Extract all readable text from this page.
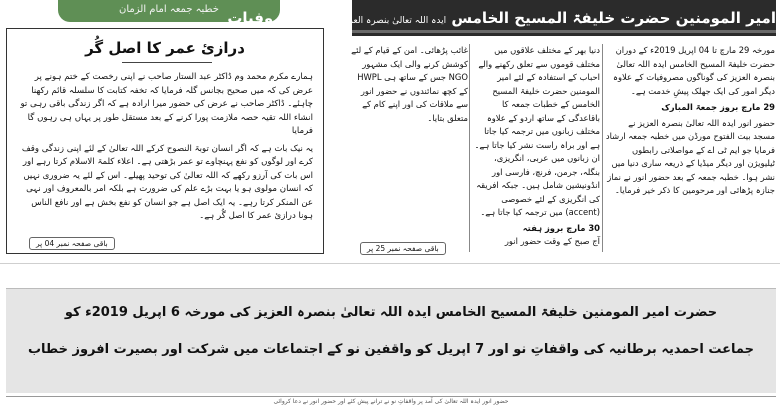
خطبہ جمعہ امام الزمان	امیر المومنین حضرت خلیفۃ المسیح الخامس ایدہ اللہ تعالیٰ بنصرہ العزیز کی مصروفیات
درازیٔ عمر کا اصل گُر

ہمارے مکرم محمد وم ڈاکٹر عبد الستار صاحب نے اپنی رخصت کے ختم ہونے پر عرض کی کہ میں صحیح بجانس گلہ فرمایا کہ تخفہ کتابت کا سلسلہ قائم رکھنا چاہئے۔ ڈاکٹر صاحب نے عرض کی حضور میرا ارادہ ہے کہ اگر زندگی باقی رہی تو انشاء اللہ تقیہ حصہ ملازمت پورا کرنے کے بعد مستقل طور پر یہاں ہی رہوں گا فرمایا

یہ نیک بات ہے کہ اگر انسان توبۃ النصوح کرکے اللہ تعالیٰ کے لئے اپنی زندگی وقف کرے اور لوگوں کو نفع پہنچاوے تو عمر بڑھتی ہے۔ اعلاء کلمۃ الاسلام کرتا رہے اور اس بات کی آرزو رکھے کہ اللہ تعالیٰ کی توحید پھیلے۔ اس کے لئے یہ ضروری نہیں کہ انسان مولوی ہو یا بہت بڑے علم کی ضرورت ہے بلکہ امر بالمعروف اور نہی عن المنکر کرتا رہے۔ یہ ایک اصل ہے جو انسان کو نفع بخش ہے اور نافع الناس ہونا درازیٔ عمر کا اصل گُر ہے۔

باقی صفحہ نمبر 04 پر

مورخہ 29 مارچ تا 04 اپریل 2019ء کے دوران حضرت خلیفۃ المسیح الخامس ایدہ اللہ تعالیٰ بنصرہ العزیز کی گوناگوں مصروفیات کے علاوہ دیگر امور کی ایک جھلک پیشِ خدمت ہے۔

29 مارچ بروز جمعۃ المبارک

حضور انور ایدہ اللہ تعالیٰ بنصرہ العزیز نے مسجد بیت الفتوح مورڈن میں خطبہ جمعہ ارشاد فرمایا جو ایم ٹی اے کے مواصلاتی رابطوں ٹیلیویژن اور دیگر میڈیا کے ذریعہ ساری دنیا میں نشر ہوا۔ خطبہ جمعہ کے بعد حضور انور نے نماز جنازہ پڑھائی اور مرحومین کا ذکر خیر فرمایا۔

دنیا بھر کے مختلف علاقوں میں مختلف قوموں سے تعلق رکھنے والے احباب کے استفادہ کے لئے امیر المومنین حضرت خلیفۃ المسیح الخامس کے خطبات جمعہ کا باقاعدگی کے ساتھ اردو کے علاوہ مختلف زبانوں میں ترجمہ کیا جاتا ہے اور براہ راست نشر کیا جاتا ہے۔ ان زبانوں میں عربی، انگریزی، بنگلہ، جرمن، فرنچ، فارسی اور انڈونیشین شامل ہیں۔ جبکہ افریقہ کی انگریزی کے لئے خصوصی (accent) میں ترجمہ کیا جاتا ہے۔

30 مارچ بروز ہفتہ

آج صبح کے وقت حضور انور

غائب پڑھائی۔ امن کے قیام کے لئے کوشش کرنے والی ایک مشہور NGO جس کے ساتھ ہی HWPL کے کچھ نمائندوں نے حضور انور سے ملاقات کی اور اپنے کام کے متعلق بتایا۔

باقی صفحہ نمبر 25 پر
حضرت امیر المومنین خلیفۃ المسیح الخامس ایدہ اللہ تعالیٰ بنصرہ العزیز کی مورخہ 6 اپریل 2019ء کو
جماعت احمدیہ برطانیہ کی واقفاتِ نو اور 7 اپریل کو واقفین نو کے اجتماعات میں شرکت اور بصیرت افروز خطاب
حضور انور ایدہ اللہ تعالیٰ کی آمد پر واقفاتِ نو نے ترانے پیش کئے اور حضور انور نے دعا کروائی
